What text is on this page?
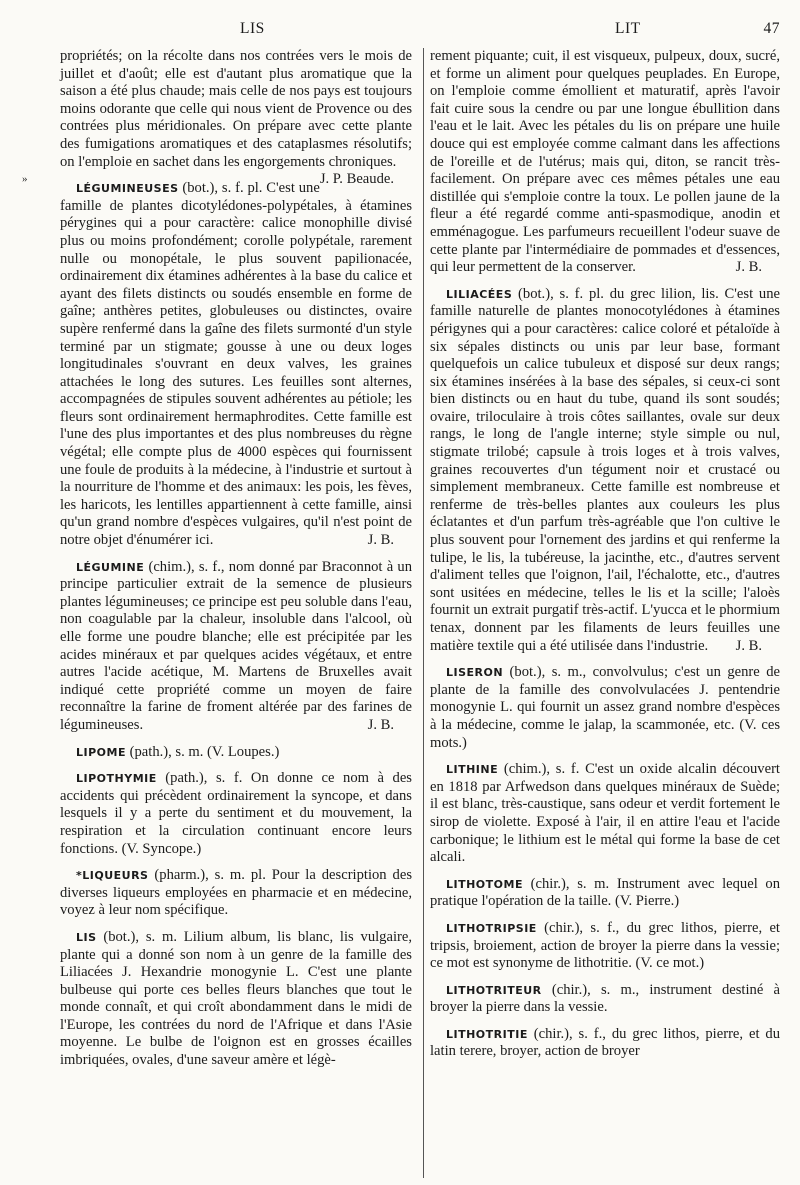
LIS	LIT	47
»

propriétés; on la récolte dans nos contrées vers le mois de juillet et d'août; elle est d'autant plus aromatique que la saison a été plus chaude; mais celle de nos pays est toujours moins odorante que celle qui nous vient de Provence ou des contrées plus méridionales. On prépare avec cette plante des fumigations aromatiques et des cataplasmes résolutifs; on l'emploie en sachet dans les engorgements chroniques.
J. P. Beaude.

LÉGUMINEUSES (bot.), s. f. pl. C'est une famille de plantes dicotylédones-polypétales, à étamines pérygines qui a pour caractère: calice monophille divisé plus ou moins profondément; corolle polypétale, rarement nulle ou monopétale, le plus souvent papilionacée, ordinairement dix étamines adhérentes à la base du calice et ayant des filets distincts ou soudés ensemble en forme de gaîne; anthères petites, globuleuses ou distinctes, ovaire supère renfermé dans la gaîne des filets surmonté d'un style terminé par un stigmate; gousse à une ou deux loges longitudinales s'ouvrant en deux valves, les graines attachées le long des sutures. Les feuilles sont alternes, accompagnées de stipules souvent adhérentes au pétiole; les fleurs sont ordinairement hermaphrodites. Cette famille est l'une des plus importantes et des plus nombreuses du règne végétal; elle compte plus de 4000 espèces qui fournissent une foule de produits à la médecine, à l'industrie et surtout à la nourriture de l'homme et des animaux: les pois, les fèves, les haricots, les lentilles appartiennent à cette famille, ainsi qu'un grand nombre d'espèces vulgaires, qu'il n'est point de notre objet d'énumérer ici.	J. B.

LÉGUMINE (chim.), s. f., nom donné par Braconnot à un principe particulier extrait de la semence de plusieurs plantes légumineuses; ce principe est peu soluble dans l'eau, non coagulable par la chaleur, insoluble dans l'alcool, où elle forme une poudre blanche; elle est précipitée par les acides minéraux et par quelques acides végétaux, et entre autres l'acide acétique, M. Martens de Bruxelles avait indiqué cette propriété comme un moyen de faire reconnaître la farine de froment altérée par des farines de légumineuses.	J. B.

LIPOME (path.), s. m. (V. Loupes.)

LIPOTHYMIE (path.), s. f. On donne ce nom à des accidents qui précèdent ordinairement la syncope, et dans lesquels il y a perte du sentiment et du mouvement, la respiration et la circulation continuant encore leurs fonctions. (V. Syncope.)

*LIQUEURS (pharm.), s. m. pl. Pour la description des diverses liqueurs employées en pharmacie et en médecine, voyez à leur nom spécifique.

LIS (bot.), s. m. Lilium album, lis blanc, lis vulgaire, plante qui a donné son nom à un genre de la famille des Liliacées J. Hexandrie monogynie L. C'est une plante bulbeuse qui porte ces belles fleurs blanches que tout le monde connaît, et qui croît abondamment dans le midi de l'Europe, les contrées du nord de l'Afrique et dans l'Asie moyenne. Le bulbe de l'oignon est en grosses écailles imbriquées, ovales, d'une saveur amère et légè-

rement piquante; cuit, il est visqueux, pulpeux, doux, sucré, et forme un aliment pour quelques peuplades. En Europe, on l'emploie comme émollient et maturatif, après l'avoir fait cuire sous la cendre ou par une longue ébullition dans l'eau et le lait. Avec les pétales du lis on prépare une huile douce qui est employée comme calmant dans les affections de l'oreille et de l'utérus; mais qui, diton, se rancit très-facilement. On prépare avec ces mêmes pétales une eau distillée qui s'emploie contre la toux. Le pollen jaune de la fleur a été regardé comme anti-spasmodique, anodin et emménagogue. Les parfumeurs recueillent l'odeur suave de cette plante par l'intermédiaire de pommades et d'essences, qui leur permettent de la conserver.	J. B.

LILIACÉES (bot.), s. f. pl. du grec lilion, lis. C'est une famille naturelle de plantes monocotylédones à étamines périgynes qui a pour caractères: calice coloré et pétaloïde à six sépales distincts ou unis par leur base, formant quelquefois un calice tubuleux et disposé sur deux rangs; six étamines insérées à la base des sépales, si ceux-ci sont bien distincts ou en haut du tube, quand ils sont soudés; ovaire, triloculaire à trois côtes saillantes, ovale sur deux rangs, le long de l'angle interne; style simple ou nul, stigmate trilobé; capsule à trois loges et à trois valves, graines recouvertes d'un tégument noir et crustacé ou simplement membraneux. Cette famille est nombreuse et renferme de très-belles plantes aux couleurs les plus éclatantes et d'un parfum très-agréable que l'on cultive le plus souvent pour l'ornement des jardins et qui renferme la tulipe, le lis, la tubéreuse, la jacinthe, etc., d'autres servent d'aliment telles que l'oignon, l'ail, l'échalotte, etc., d'autres sont usitées en médecine, telles le lis et la scille; l'aloès fournit un extrait purgatif très-actif. L'yucca et le phormium tenax, donnent par les filaments de leurs feuilles une matière textile qui a été utilisée dans l'industrie.	J. B.

LISERON (bot.), s. m., convolvulus; c'est un genre de plante de la famille des convolvulacées J. pentendrie monogynie L. qui fournit un assez grand nombre d'espèces à la médecine, comme le jalap, la scammonée, etc. (V. ces mots.)

LITHINE (chim.), s. f. C'est un oxide alcalin découvert en 1818 par Arfwedson dans quelques minéraux de Suède; il est blanc, très-caustique, sans odeur et verdit fortement le sirop de violette. Exposé à l'air, il en attire l'eau et l'acide carbonique; le lithium est le métal qui forme la base de cet alcali.

LITHOTOME (chir.), s. m. Instrument avec lequel on pratique l'opération de la taille. (V. Pierre.)

LITHOTRIPSIE (chir.), s. f., du grec lithos, pierre, et tripsis, broiement, action de broyer la pierre dans la vessie; ce mot est synonyme de lithotritie. (V. ce mot.)

LITHOTRITEUR (chir.), s. m., instrument destiné à broyer la pierre dans la vessie.

LITHOTRITIE (chir.), s. f., du grec lithos, pierre, et du latin terere, broyer, action de broyer
